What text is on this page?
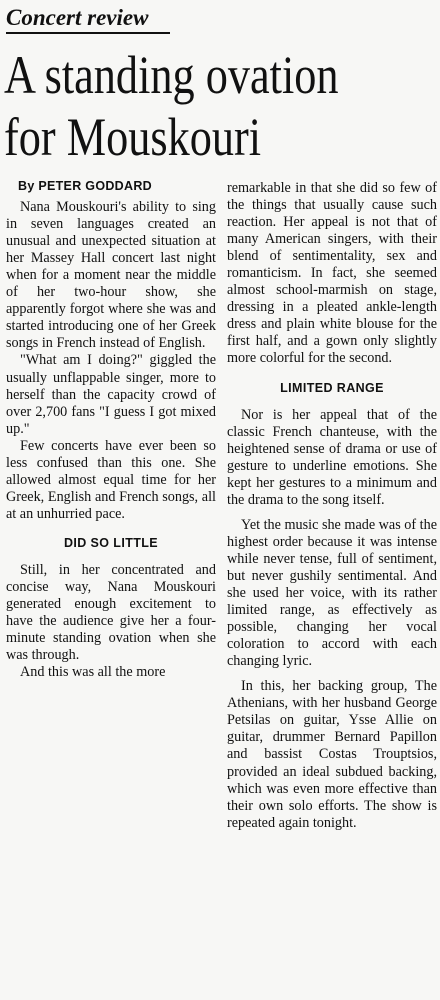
Concert review
A standing ovation
for Mouskouri
By PETER GODDARD

Nana Mouskouri's ability to sing in seven languages created an unusual and unexpected situation at her Massey Hall concert last night when for a moment near the middle of her two-hour show, she apparently forgot where she was and started introducing one of her Greek songs in French instead of English.

"What am I doing?" giggled the usually unflappable singer, more to herself than the capacity crowd of over 2,700 fans "I guess I got mixed up."

Few concerts have ever been so less confused than this one. She allowed almost equal time for her Greek, English and French songs, all at an unhurried pace.

DID SO LITTLE

Still, in her concentrated and concise way, Nana Mouskouri generated enough excitement to have the audience give her a four-minute standing ovation when she was through.

And this was all the more

remarkable in that she did so few of the things that usually cause such reaction. Her appeal is not that of many American singers, with their blend of sentimentality, sex and romanticism. In fact, she seemed almost school-marmish on stage, dressing in a pleated ankle-length dress and plain white blouse for the first half, and a gown only slightly more colorful for the second.

LIMITED RANGE

Nor is her appeal that of the classic French chanteuse, with the heightened sense of drama or use of gesture to underline emotions. She kept her gestures to a minimum and the drama to the song itself.

Yet the music she made was of the highest order because it was intense while never tense, full of sentiment, but never gushily sentimental. And she used her voice, with its rather limited range, as effectively as possible, changing her vocal coloration to accord with each changing lyric.

In this, her backing group, The Athenians, with her husband George Petsilas on guitar, Ysse Allie on guitar, drummer Bernard Papillon and bassist Costas Trouptsios, provided an ideal subdued backing, which was even more effective than their own solo efforts. The show is repeated again tonight.
